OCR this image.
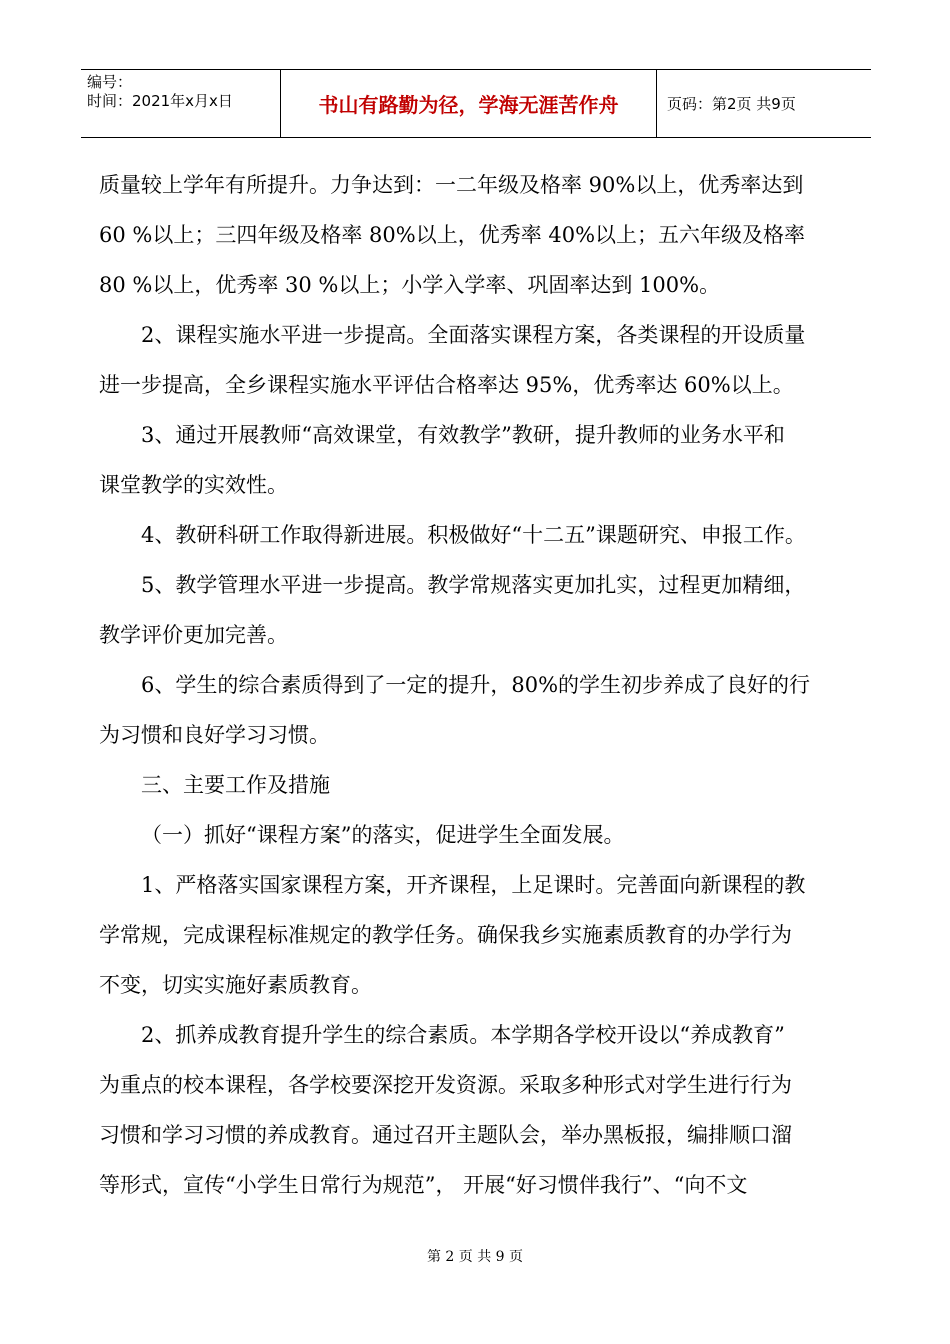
编号：
时间：2021年x月x日	书山有路勤为径，学海无涯苦作舟	页码：第2页 共9页
质量较上学年有所提升。力争达到：一二年级及格率 90%以上，优秀率达到
60 %以上；三四年级及格率 80%以上，优秀率 40%以上；五六年级及格率
80 %以上，优秀率 30 %以上；小学入学率、巩固率达到 100%。
2、课程实施水平进一步提高。全面落实课程方案，各类课程的开设质量
进一步提高，全乡课程实施水平评估合格率达 95%，优秀率达 60%以上。
3、通过开展教师“高效课堂，有效教学”教研，提升教师的业务水平和
课堂教学的实效性。
4、教研科研工作取得新进展。积极做好“十二五”课题研究、申报工作。
5、教学管理水平进一步提高。教学常规落实更加扎实，过程更加精细，
教学评价更加完善。
6、学生的综合素质得到了一定的提升，80%的学生初步养成了良好的行
为习惯和良好学习习惯。
三、主要工作及措施
（一）抓好“课程方案”的落实，促进学生全面发展。
1、严格落实国家课程方案，开齐课程，上足课时。完善面向新课程的教
学常规，完成课程标准规定的教学任务。确保我乡实施素质教育的办学行为
不变，切实实施好素质教育。
2、抓养成教育提升学生的综合素质。本学期各学校开设以“养成教育”
为重点的校本课程，各学校要深挖开发资源。采取多种形式对学生进行行为
习惯和学习习惯的养成教育。通过召开主题队会，举办黑板报，编排顺口溜
等形式，宣传“小学生日常行为规范”， 开展“好习惯伴我行”、“向不文
第 2 页 共 9 页
